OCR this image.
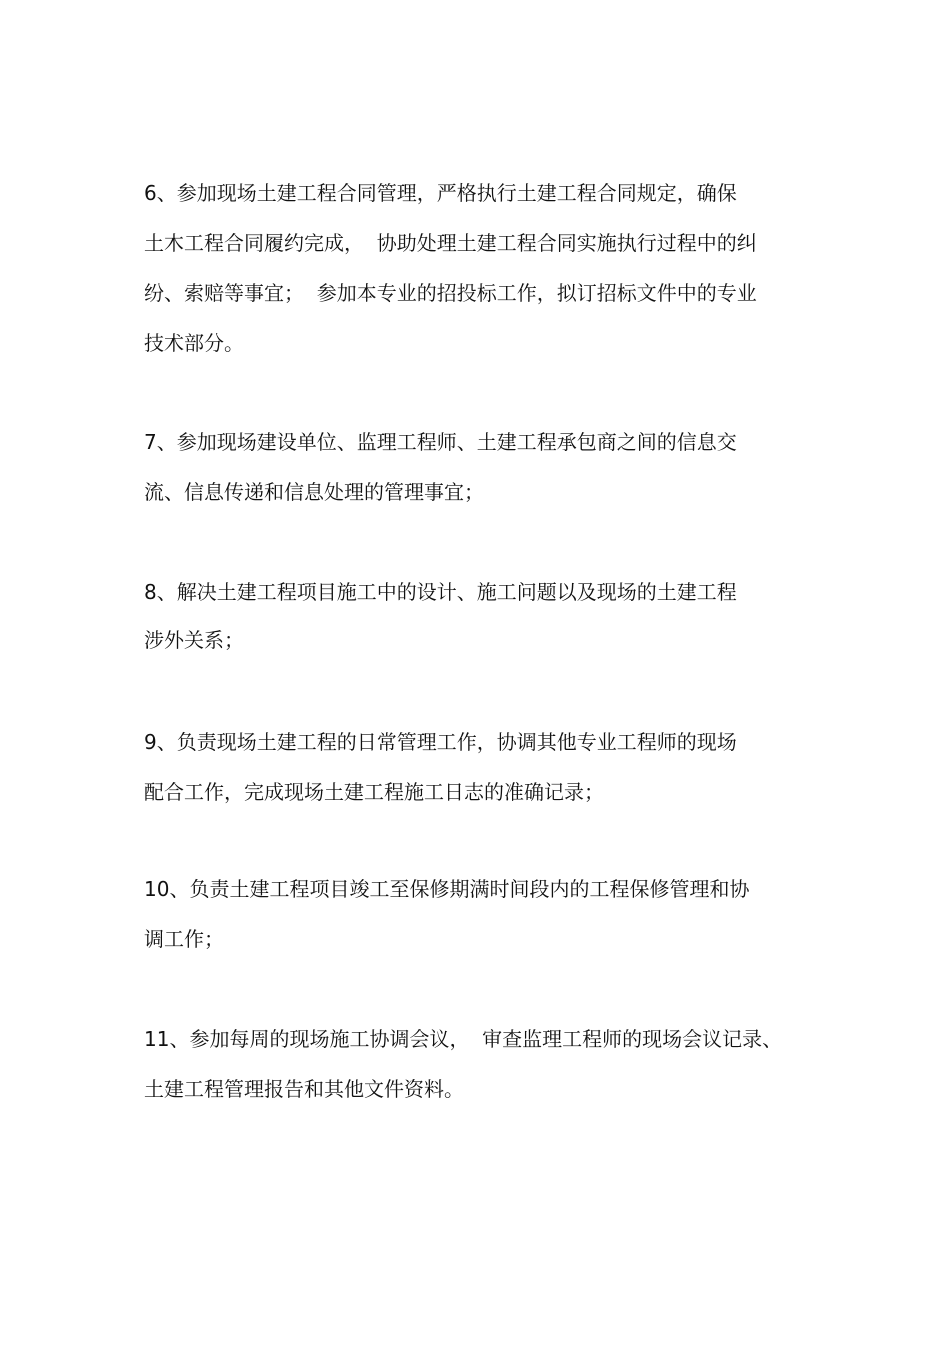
6、参加现场土建工程合同管理，严格执行土建工程合同规定，确保
土木工程合同履约完成，  协助处理土建工程合同实施执行过程中的纠
纷、索赔等事宜；  参加本专业的招投标工作，拟订招标文件中的专业
技术部分。
7、参加现场建设单位、监理工程师、土建工程承包商之间的信息交
流、信息传递和信息处理的管理事宜；
8、解决土建工程项目施工中的设计、施工问题以及现场的土建工程
涉外关系；
9、负责现场土建工程的日常管理工作，协调其他专业工程师的现场
配合工作，完成现场土建工程施工日志的准确记录；
10、负责土建工程项目竣工至保修期满时间段内的工程保修管理和协
调工作；
11、参加每周的现场施工协调会议，  审查监理工程师的现场会议记录、
土建工程管理报告和其他文件资料。
